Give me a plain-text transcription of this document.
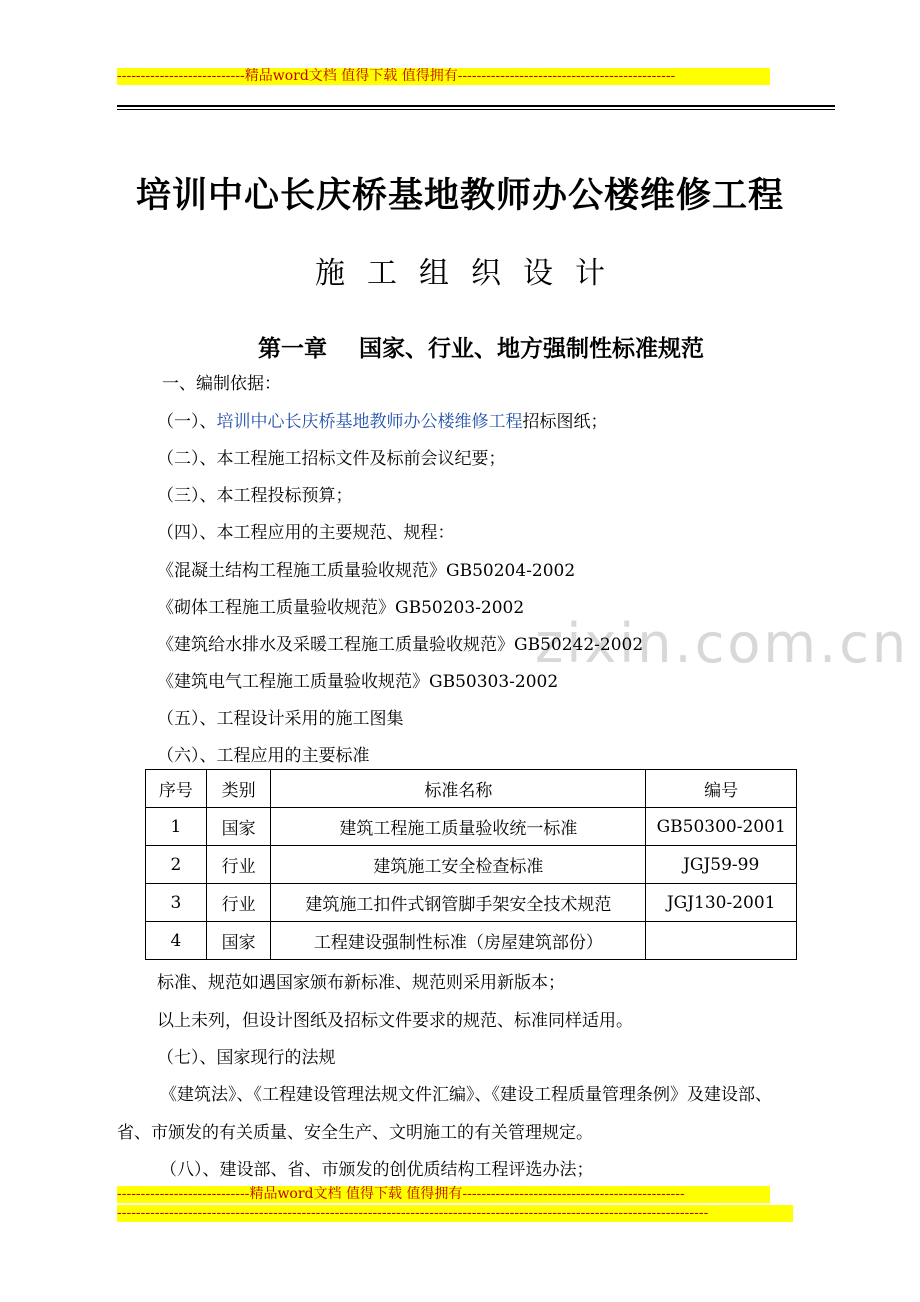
---------------------------精品word文档 值得下载 值得拥有----------------------------------------------
培训中心长庆桥基地教师办公楼维修工程
施工组织设计
第一章    国家、行业、地方强制性标准规范
zixin.com.cn
一、编制依据：
（一）、培训中心长庆桥基地教师办公楼维修工程招标图纸；
（二）、本工程施工招标文件及标前会议纪要；
（三）、本工程投标预算；
（四）、本工程应用的主要规范、规程：
《混凝土结构工程施工质量验收规范》GB50204-2002
《砌体工程施工质量验收规范》GB50203-2002
《建筑给水排水及采暖工程施工质量验收规范》GB50242-2002
《建筑电气工程施工质量验收规范》GB50303-2002
（五）、工程设计采用的施工图集
（六）、工程应用的主要标准
序号	类别	标准名称	编号
1	国家	建筑工程施工质量验收统一标准	GB50300-2001
2	行业	建筑施工安全检查标准	JGJ59-99
3	行业	建筑施工扣件式钢管脚手架安全技术规范	JGJ130-2001
4	国家	工程建设强制性标准（房屋建筑部份）	
标准、规范如遇国家颁布新标准、规范则采用新版本；
以上未列，但设计图纸及招标文件要求的规范、标准同样适用。
（七）、国家现行的法规
《建筑法》、《工程建设管理法规文件汇编》、《建设工程质量管理条例》及建设部、
省、市颁发的有关质量、安全生产、文明施工的有关管理规定。
（八）、建设部、省、市颁发的创优质结构工程评选办法；
----------------------------精品word文档 值得下载 值得拥有-----------------------------------------------
-----------------------------------------------------------------------------------------------------------------------------
